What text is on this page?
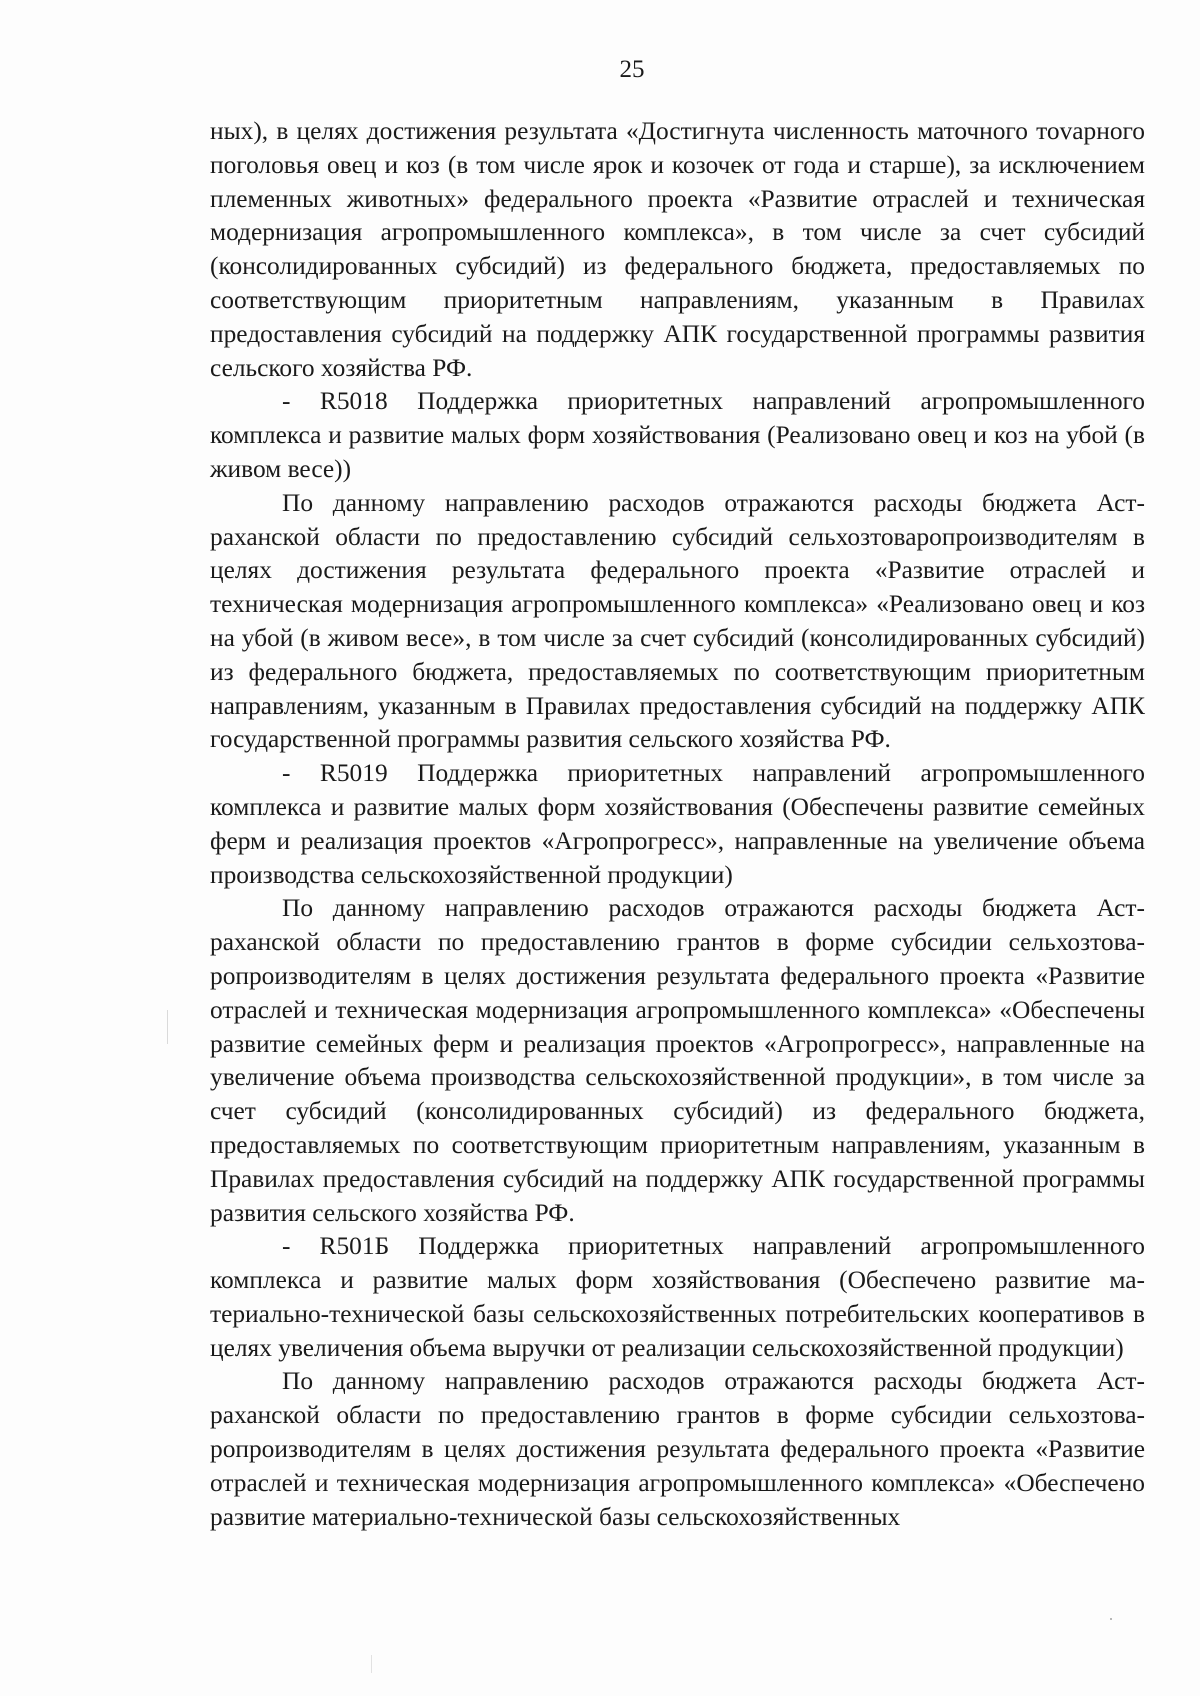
25

ных), в целях достижения результата «Достигнута численность маточного тоvарного поголовья овец и коз (в том числе ярок и козочек от года и старше), за исключением племенных животных» федерального проекта «Развитие отраслей и техническая модернизация агропромышленного комплекса», в том числе за счет субсидий (консолидированных субсидий) из федерального бюджета, предоставляемых по соответствующим приоритетным направлениям, указанным в Правилах предоставления субсидий на поддержку АПК государственной программы развития сельского хозяйства РФ.

- R5018 Поддержка приоритетных направлений агропромышленного комплекса и развитие малых форм хозяйствования (Реализовано овец и коз на убой (в живом весе))

По данному направлению расходов отражаются расходы бюджета Астраханской области по предоставлению субсидий сельхозтоваропроизводителям в целях достижения результата федерального проекта «Развитие отраслей и техническая модернизация агропромышленного комплекса» «Реализовано овец и коз на убой (в живом весе», в том числе за счет субсидий (консолидированных субсидий) из федерального бюджета, предоставляемых по соответствующим приоритетным направлениям, указанным в Правилах предоставления субсидий на поддержку АПК государственной программы развития сельского хозяйства РФ.

- R5019 Поддержка приоритетных направлений агропромышленного комплекса и развитие малых форм хозяйствования (Обеспечены развитие семейных ферм и реализация проектов «Агропрогресс», направленные на увеличение объема производства сельскохозяйственной продукции)

По данному направлению расходов отражаются расходы бюджета Астраханской области по предоставлению грантов в форме субсидии сельхозтоваропроизводителям в целях достижения результата федерального проекта «Развитие отраслей и техническая модернизация агропромышленного комплекса» «Обеспечены развитие семейных ферм и реализация проектов «Агропрогресс», направленные на увеличение объема производства сельскохозяйственной продукции», в том числе за счет субсидий (консолидированных субсидий) из федерального бюджета, предоставляемых по соответствующим приоритетным направлениям, указанным в Правилах предоставления субсидий на поддержку АПК государственной программы развития сельского хозяйства РФ.

- R501Б Поддержка приоритетных направлений агропромышленного комплекса и развитие малых форм хозяйствования (Обеспечено развитие материально-технической базы сельскохозяйственных потребительских кооперативов в целях увеличения объема выручки от реализации сельскохозяйственной продукции)

По данному направлению расходов отражаются расходы бюджета Астраханской области по предоставлению грантов в форме субсидии сельхозтоваропроизводителям в целях достижения результата федерального проекта «Развитие отраслей и техническая модернизация агропромышленного комплекса» «Обеспечено развитие материально-технической базы сельскохозяйственных
